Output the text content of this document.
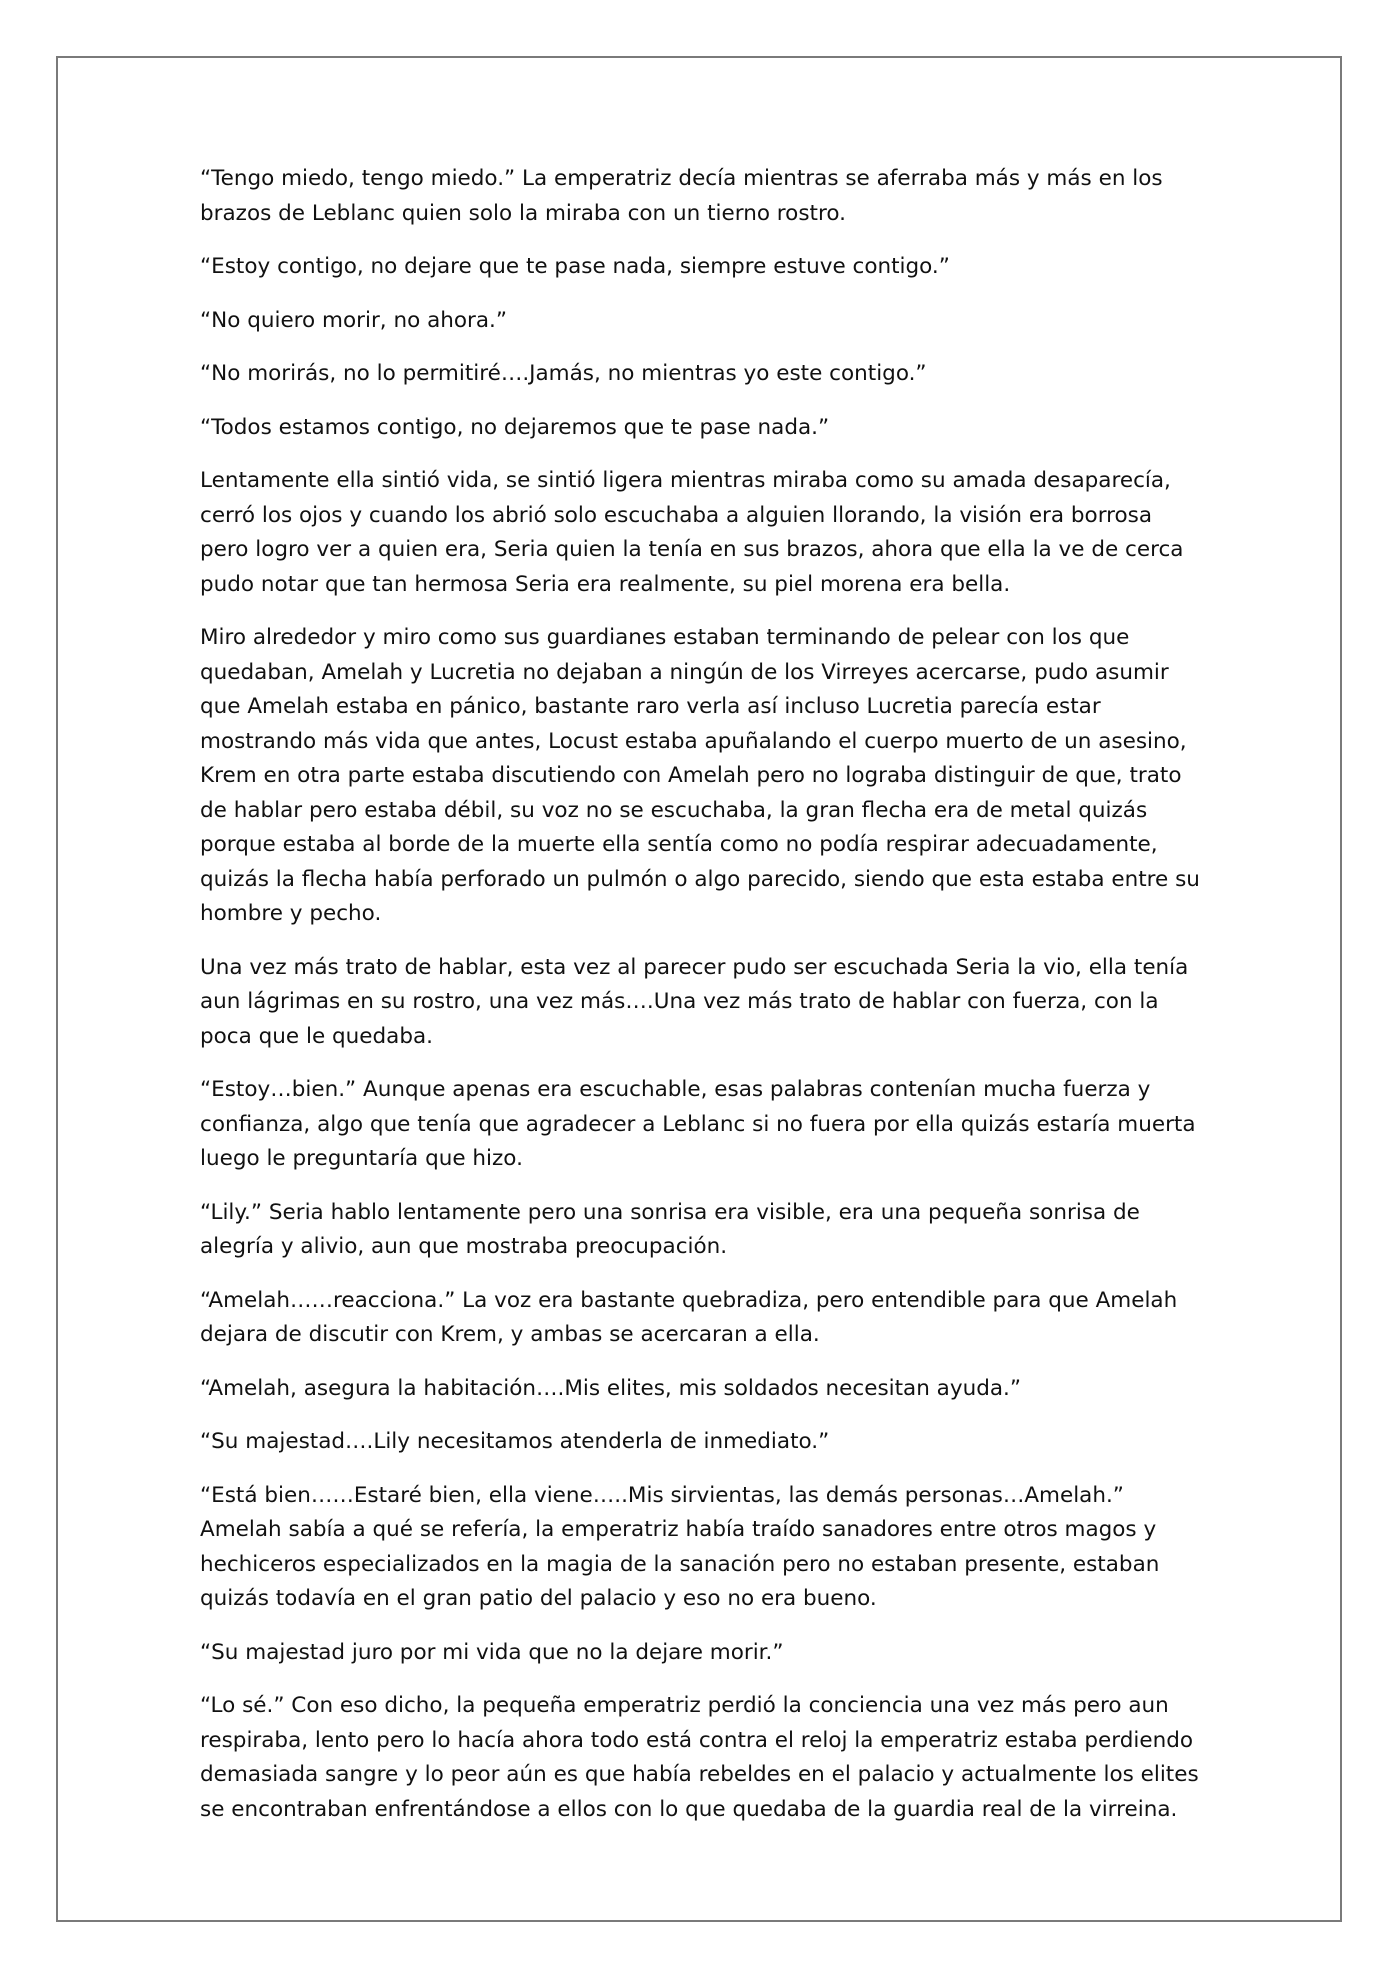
“Tengo miedo, tengo miedo.” La emperatriz decía mientras se aferraba más y más en los brazos de Leblanc quien solo la miraba con un tierno rostro.

“Estoy contigo, no dejare que te pase nada, siempre estuve contigo.”

“No quiero morir, no ahora.”

“No morirás, no lo permitiré….Jamás, no mientras yo este contigo.”

“Todos estamos contigo, no dejaremos que te pase nada.”

Lentamente ella sintió vida, se sintió ligera mientras miraba como su amada desaparecía, cerró los ojos y cuando los abrió solo escuchaba a alguien llorando, la visión era borrosa pero logro ver a quien era, Seria quien la tenía en sus brazos, ahora que ella la ve de cerca pudo notar que tan hermosa Seria era realmente, su piel morena era bella.

Miro alrededor y miro como sus guardianes estaban terminando de pelear con los que quedaban, Amelah y Lucretia no dejaban a ningún de los Virreyes acercarse, pudo asumir que Amelah estaba en pánico, bastante raro verla así incluso Lucretia parecía estar mostrando más vida que antes, Locust estaba apuñalando el cuerpo muerto de un asesino, Krem en otra parte estaba discutiendo con Amelah pero no lograba distinguir de que, trato de hablar pero estaba débil, su voz no se escuchaba, la gran flecha era de metal quizás porque estaba al borde de la muerte ella sentía como no podía respirar adecuadamente, quizás la flecha había perforado un pulmón o algo parecido, siendo que esta estaba entre su hombre y pecho.

Una vez más trato de hablar, esta vez al parecer pudo ser escuchada Seria la vio, ella tenía aun lágrimas en su rostro, una vez más….Una vez más trato de hablar con fuerza, con la poca que le quedaba.

“Estoy…bien.” Aunque apenas era escuchable, esas palabras contenían mucha fuerza y confianza, algo que tenía que agradecer a Leblanc si no fuera por ella quizás estaría muerta luego le preguntaría que hizo.

“Lily.” Seria hablo lentamente pero una sonrisa era visible, era una pequeña sonrisa de alegría y alivio, aun que mostraba preocupación.

“Amelah……reacciona.” La voz era bastante quebradiza, pero entendible para que Amelah dejara de discutir con Krem, y ambas se acercaran a ella.

“Amelah, asegura la habitación….Mis elites, mis soldados necesitan ayuda.”

“Su majestad….Lily necesitamos atenderla de inmediato.”

“Está bien……Estaré bien, ella viene…..Mis sirvientas, las demás personas…Amelah.” Amelah sabía a qué se refería, la emperatriz había traído sanadores entre otros magos y hechiceros especializados en la magia de la sanación pero no estaban presente, estaban quizás todavía en el gran patio del palacio y eso no era bueno.

“Su majestad juro por mi vida que no la dejare morir.”

“Lo sé.” Con eso dicho, la pequeña emperatriz perdió la conciencia una vez más pero aun respiraba, lento pero lo hacía ahora todo está contra el reloj la emperatriz estaba perdiendo demasiada sangre y lo peor aún es que había rebeldes en el palacio y actualmente los elites se encontraban enfrentándose a ellos con lo que quedaba de la guardia real de la virreina.
